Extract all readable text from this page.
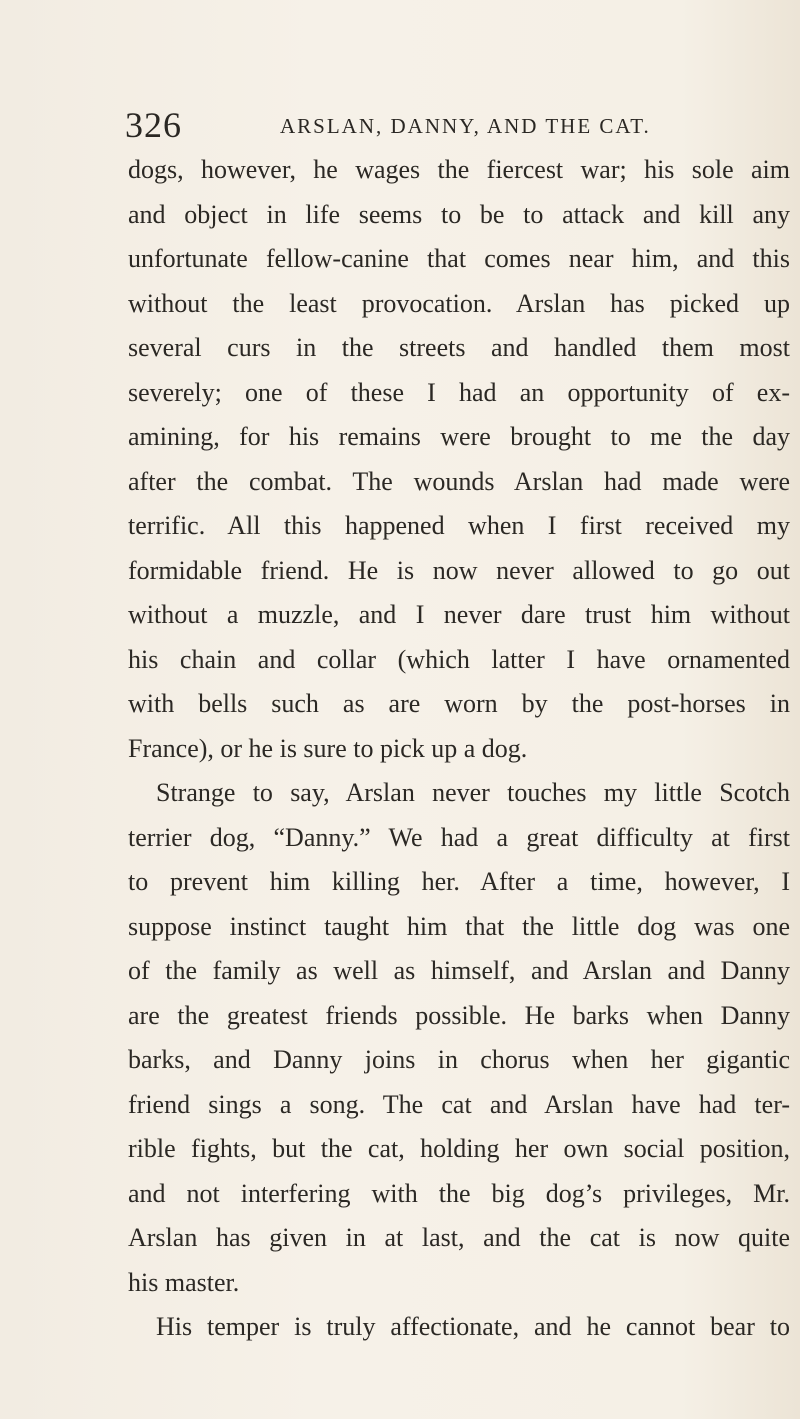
326	ARSLAN, DANNY, AND THE CAT.
dogs, however, he wages the fiercest war; his sole aim
and object in life seems to be to attack and kill any
unfortunate fellow-canine that comes near him, and this
without the least provocation. Arslan has picked up
several curs in the streets and handled them most
severely; one of these I had an opportunity of ex-
amining, for his remains were brought to me the day
after the combat. The wounds Arslan had made were
terrific. All this happened when I first received my
formidable friend. He is now never allowed to go out
without a muzzle, and I never dare trust him without
his chain and collar (which latter I have ornamented
with bells such as are worn by the post-horses in
France), or he is sure to pick up a dog.
Strange to say, Arslan never touches my little Scotch
terrier dog, “Danny.” We had a great difficulty at first
to prevent him killing her. After a time, however, I
suppose instinct taught him that the little dog was one
of the family as well as himself, and Arslan and Danny
are the greatest friends possible. He barks when Danny
barks, and Danny joins in chorus when her gigantic
friend sings a song. The cat and Arslan have had ter-
rible fights, but the cat, holding her own social position,
and not interfering with the big dog’s privileges, Mr.
Arslan has given in at last, and the cat is now quite
his master.
His temper is truly affectionate, and he cannot bear to
